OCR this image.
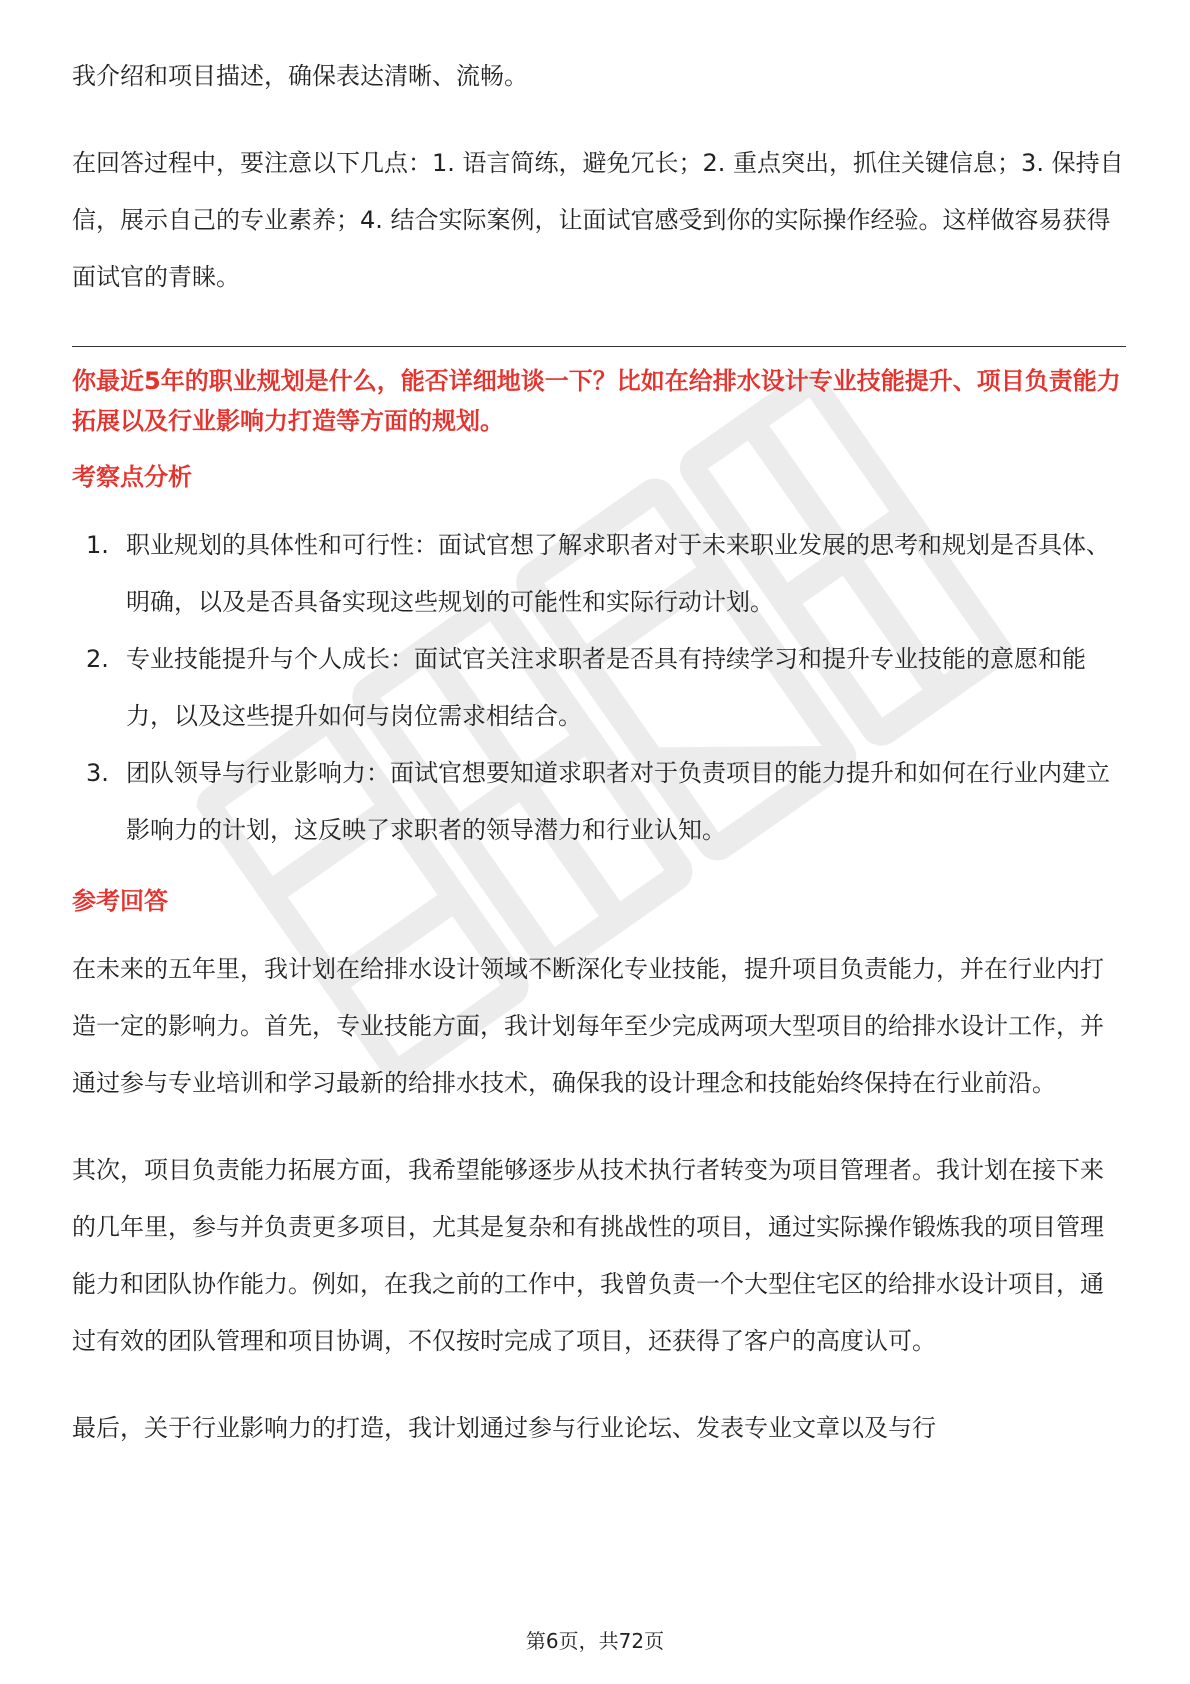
我介绍和项目描述，确保表达清晰、流畅。

在回答过程中，要注意以下几点：1. 语言简练，避免冗长；2. 重点突出，抓住关键信息；3. 保持自信，展示自己的专业素养；4. 结合实际案例，让面试官感受到你的实际操作经验。这样做容易获得面试官的青睐。

你最近5年的职业规划是什么，能否详细地谈一下？比如在给排水设计专业技能提升、项目负责能力拓展以及行业影响力打造等方面的规划。

考察点分析
1. 职业规划的具体性和可行性：面试官想了解求职者对于未来职业发展的思考和规划是否具体、明确，以及是否具备实现这些规划的可能性和实际行动计划。
2. 专业技能提升与个人成长：面试官关注求职者是否具有持续学习和提升专业技能的意愿和能力，以及这些提升如何与岗位需求相结合。
3. 团队领导与行业影响力：面试官想要知道求职者对于负责项目的能力提升和如何在行业内建立影响力的计划，这反映了求职者的领导潜力和行业认知。
参考回答

在未来的五年里，我计划在给排水设计领域不断深化专业技能，提升项目负责能力，并在行业内打造一定的影响力。首先，专业技能方面，我计划每年至少完成两项大型项目的给排水设计工作，并通过参与专业培训和学习最新的给排水技术，确保我的设计理念和技能始终保持在行业前沿。

其次，项目负责能力拓展方面，我希望能够逐步从技术执行者转变为项目管理者。我计划在接下来的几年里，参与并负责更多项目，尤其是复杂和有挑战性的项目，通过实际操作锻炼我的项目管理能力和团队协作能力。例如，在我之前的工作中，我曾负责一个大型住宅区的给排水设计项目，通过有效的团队管理和项目协调，不仅按时完成了项目，还获得了客户的高度认可。

最后，关于行业影响力的打造，我计划通过参与行业论坛、发表专业文章以及与行

第6页，共72页
